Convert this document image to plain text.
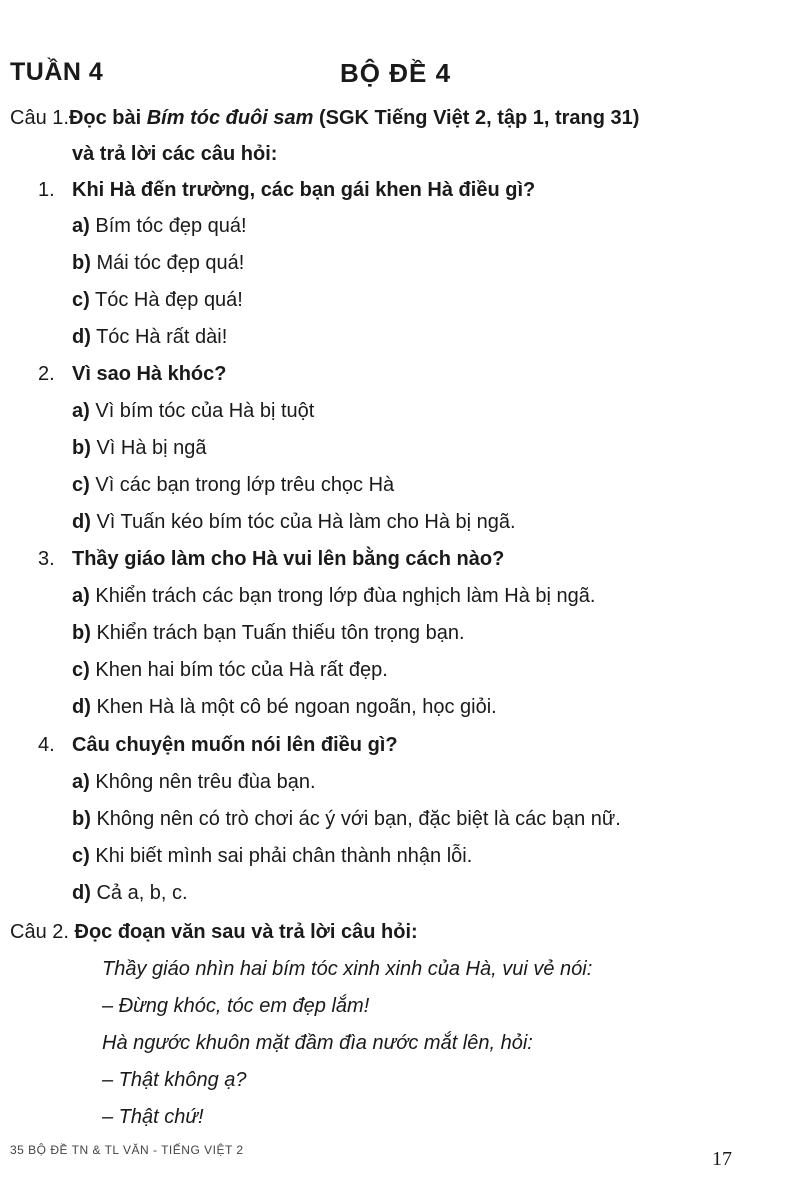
TUẦN 4	BỘ ĐỀ 4
Câu 1.Đọc bài Bím tóc đuôi sam (SGK Tiếng Việt 2, tập 1, trang 31)
và trả lời các câu hỏi:
1. Khi Hà đến trường, các bạn gái khen Hà điều gì?
a) Bím tóc đẹp quá!
b) Mái tóc đẹp quá!
c) Tóc Hà đẹp quá!
d) Tóc Hà rất dài!
2. Vì sao Hà khóc?
a) Vì bím tóc của Hà bị tuột
b) Vì Hà bị ngã
c) Vì các bạn trong lớp trêu chọc Hà
d) Vì Tuấn kéo bím tóc của Hà làm cho Hà bị ngã.
3. Thầy giáo làm cho Hà vui lên bằng cách nào?
a) Khiển trách các bạn trong lớp đùa nghịch làm Hà bị ngã.
b) Khiển trách bạn Tuấn thiếu tôn trọng bạn.
c) Khen hai bím tóc của Hà rất đẹp.
d) Khen Hà là một cô bé ngoan ngoãn, học giỏi.
4. Câu chuyện muốn nói lên điều gì?
a) Không nên trêu đùa bạn.
b) Không nên có trò chơi ác ý với bạn, đặc biệt là các bạn nữ.
c) Khi biết mình sai phải chân thành nhận lỗi.
d) Cả a, b, c.
Câu 2. Đọc đoạn văn sau và trả lời câu hỏi:
Thầy giáo nhìn hai bím tóc xinh xinh của Hà, vui vẻ nói:
– Đừng khóc, tóc em đẹp lắm!
Hà ngước khuôn mặt đầm đìa nước mắt lên, hỏi:
– Thật không ạ?
– Thật chứ!
35 BỘ ĐỀ TN & TL VĂN - TIẾNG VIỆT 2	17
